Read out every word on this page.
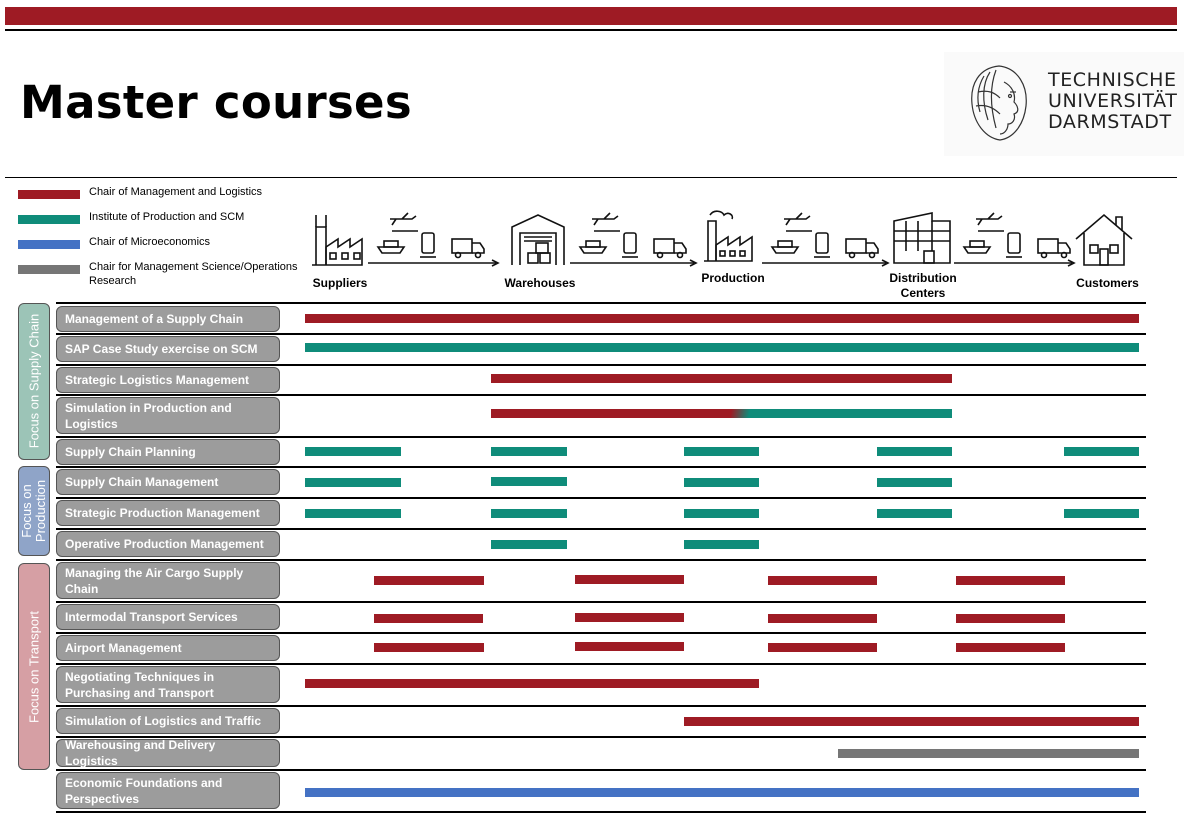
Master courses	TECHNISCHE
UNIVERSITÄT
DARMSTADT
Chair of Management and Logistics
Institute of Production and SCM
Chair of Microeconomics
Chair for Management Science/Operations Research	Suppliers	Warehouses	Production	Distribution Centers
Customers
Focus on Supply Chain
Focus on Production
Focus on Transport
Management of a Supply Chain
SAP Case Study exercise on SCM
Strategic Logistics Management
Simulation in Production and Logistics
Supply Chain Planning
Supply Chain Management
Strategic Production Management
Operative Production Management
Managing the Air Cargo Supply Chain
Intermodal Transport Services
Airport Management
Negotiating Techniques in Purchasing and Transport
Simulation of Logistics and Traffic
Warehousing and Delivery Logistics
Economic Foundations and Perspectives
